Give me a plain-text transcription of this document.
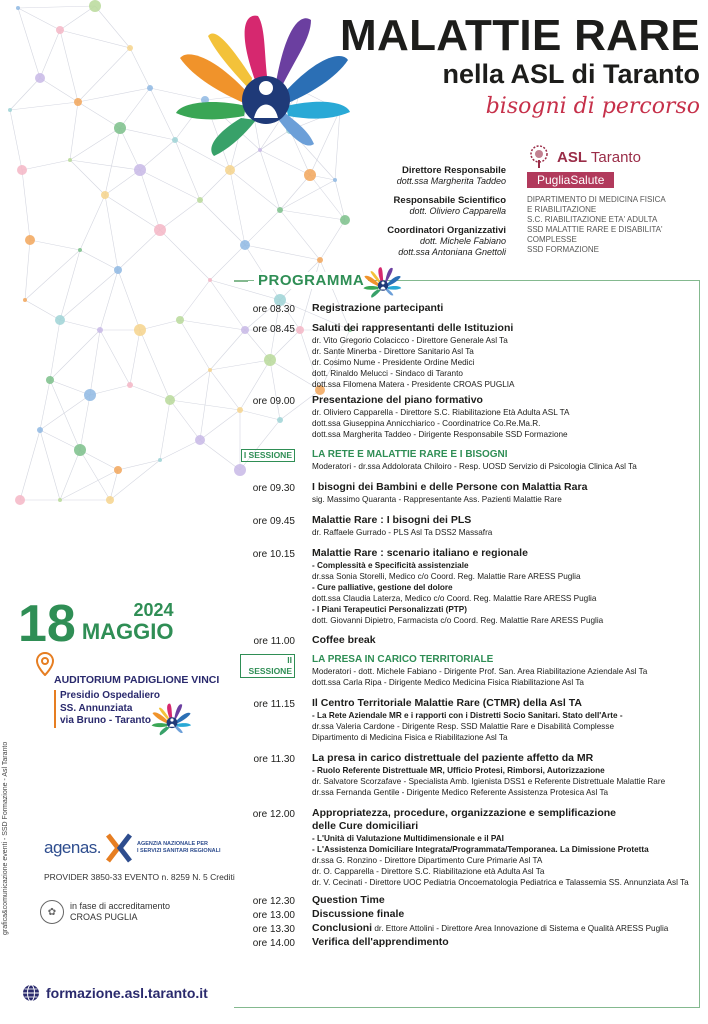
MALATTIE RARE
nella ASL di Taranto
bisogni di percorso
Direttore Responsabile
dott.ssa Margherita Taddeo
Responsabile Scientifico
dott. Oliviero Capparella
Coordinatori Organizzativi
dott. Michele Fabiano
dott.ssa Antoniana Gnettoli
ASL Taranto
PugliaSalute
DIPARTIMENTO DI MEDICINA FISICA
E RIABILITAZIONE
S.C. RIABILITAZIONE ETA' ADULTA
SSD MALATTIE RARE E DISABILITA' COMPLESSE
SSD FORMAZIONE
PROGRAMMA
ore 08.30 Registrazione partecipanti
ore 08.45 Saluti dei rappresentanti delle Istituzioni
dr. Vito Gregorio Colacicco - Direttore Generale Asl Ta
dr. Sante Minerba - Direttore Sanitario Asl Ta
dr. Cosimo Nume - Presidente Ordine Medici
dott. Rinaldo Melucci - Sindaco di Taranto
dott.ssa Filomena Matera - Presidente CROAS PUGLIA
ore 09.00 Presentazione del piano formativo
dr. Oliviero Capparella - Direttore S.C. Riabilitazione Età Adulta ASL TA
dott.ssa Giuseppina Annicchiarico - Coordinatrice Co.Re.Ma.R.
dott.ssa Margherita Taddeo - Dirigente Responsabile SSD Formazione
I SESSIONE	LA RETE E MALATTIE RARE E I BISOGNI
Moderatori - dr.ssa Addolorata Chiloiro - Resp. UOSD Servizio di Psicologia Clinica Asl Ta
ore 09.30 I bisogni dei Bambini e delle Persone con Malattia Rara
sig. Massimo Quaranta - Rappresentante Ass. Pazienti Malattie Rare
ore 09.45 Malattie Rare : I bisogni dei PLS
dr. Raffaele Gurrado - PLS Asl Ta DSS2 Massafra
ore 10.15 Malattie Rare : scenario italiano e regionale
- Complessità e Specificità assistenziale
dr.ssa Sonia Storelli, Medico c/o Coord. Reg. Malattie Rare ARESS Puglia
- Cure palliative, gestione del dolore
dott.ssa Claudia Laterza, Medico c/o Coord. Reg. Malattie Rare ARESS Puglia
- I Piani Terapeutici Personalizzati (PTP)
dott. Giovanni Dipietro, Farmacista c/o Coord. Reg. Malattie Rare ARESS Puglia
ore 11.00 Coffee break
II SESSIONE
LA PRESA IN CARICO TERRITORIALE
Moderatori - dott. Michele Fabiano - Dirigente Prof. San. Area Riabilitazione Aziendale Asl Ta
dott.ssa Carla Ripa - Dirigente Medico Medicina Fisica Riabilitazione Asl Ta
ore 11.15 Il Centro Territoriale Malattie Rare (CTMR) della Asl TA
- La Rete Aziendale MR e i rapporti con i Distretti Socio Sanitari. Stato dell'Arte -
dr.ssa Valeria Cardone - Dirigente Resp. SSD Malattie Rare e Disabilità Complesse
Dipartimento di Medicina Fisica e Riabilitazione Asl Ta
ore 11.30 La presa in carico distrettuale del paziente affetto da MR
- Ruolo Referente Distrettuale MR, Ufficio Protesi, Rimborsi, Autorizzazione
dr. Salvatore Scorzafave - Specialista Amb. Igienista DSS1 e Referente Distrettuale Malattie Rare
dr.ssa Fernanda Gentile - Dirigente Medico Referente Assistenza Protesica Asl Ta
ore 12.00 Appropriatezza, procedure, organizzazione e semplificazione
delle Cure domiciliari
- L'Unità di Valutazione Multidimensionale e il PAI
- L'Assistenza Domiciliare Integrata/Programmata/Temporanea. La Dimissione Protetta
dr.ssa G. Ronzino - Direttore Dipartimento Cure Primarie Asl TA
dr. O. Capparella - Direttore S.C. Riabilitazione età Adulta Asl Ta
dr. V. Cecinati - Direttore UOC Pediatria Oncoematologia Pediatrica e Talassemia SS. Annunziata Asl Ta
ore 12.30 Question Time
ore 13.00 Discussione finale
ore 13.30 Conclusioni dr. Ettore Attolini - Direttore Area Innovazione di Sistema e Qualità ARESS Puglia
ore 14.00 Verifica dell'apprendimento
18	2024
MAGGIO
AUDITORIUM PADIGLIONE VINCI
Presidio Ospedaliero
SS. Annunziata
via Bruno - Taranto
grafica&comunicazione eventi - SSD Formazione - Asl Taranto agenas.	AGENZIA NAZIONALE PER
I SERVIZI SANITARI REGIONALI
PROVIDER 3850-33 EVENTO n. 8259 N. 5 Crediti
✿
in fase di accreditamento
CROAS PUGLIA
formazione.asl.taranto.it
